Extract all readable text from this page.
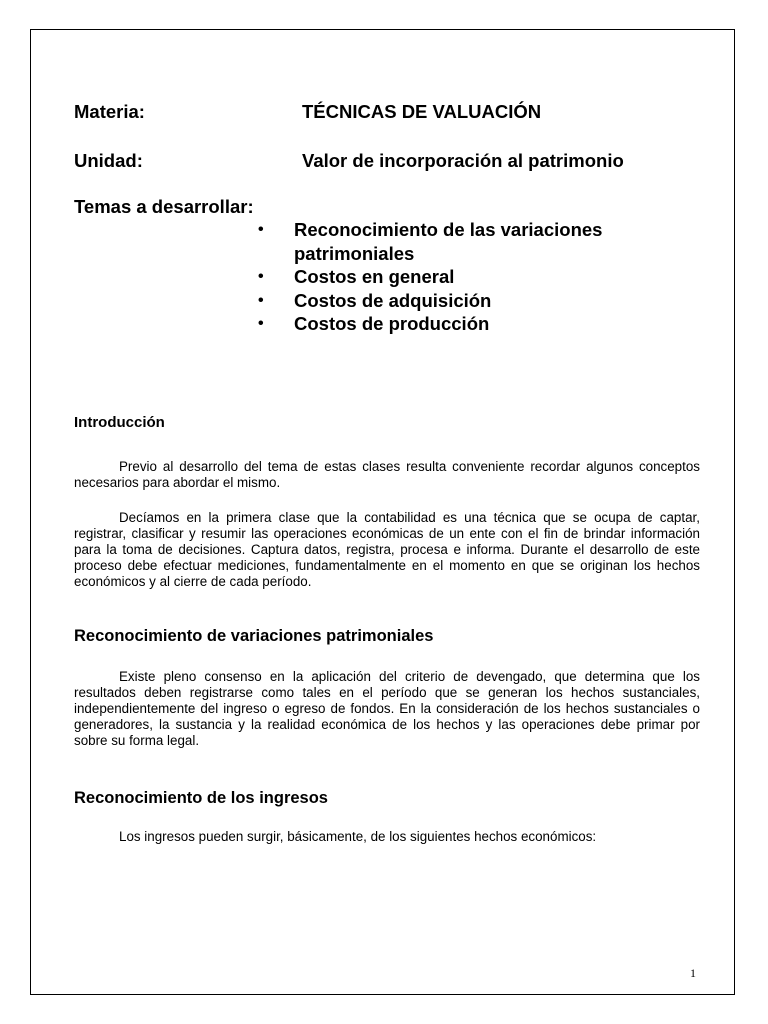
Materia:	TÉCNICAS DE VALUACIÓN
Unidad:	Valor de incorporación al patrimonio
Temas a desarrollar:
• Reconocimiento de las variaciones patrimoniales
• Costos en general
• Costos de adquisición
• Costos de producción
Introducción

Previo al desarrollo del tema de estas clases resulta conveniente recordar algunos conceptos necesarios para abordar el mismo.

Decíamos en la primera clase que la contabilidad es una técnica que se ocupa de captar, registrar, clasificar y resumir las operaciones económicas de un ente con el fin de brindar información para la toma de decisiones. Captura datos, registra, procesa e informa. Durante el desarrollo de este proceso debe efectuar mediciones, fundamentalmente en el momento en que se originan los hechos económicos y al cierre de cada período.

Reconocimiento de variaciones patrimoniales

Existe pleno consenso en la aplicación del criterio de devengado, que determina que los resultados deben registrarse como tales en el período que se generan los hechos sustanciales, independientemente del ingreso o egreso de fondos. En la consideración de los hechos sustanciales o generadores, la sustancia y la realidad económica de los hechos y las operaciones debe primar por sobre su forma legal.

Reconocimiento de los ingresos

Los ingresos pueden surgir, básicamente, de los siguientes hechos económicos:

1
